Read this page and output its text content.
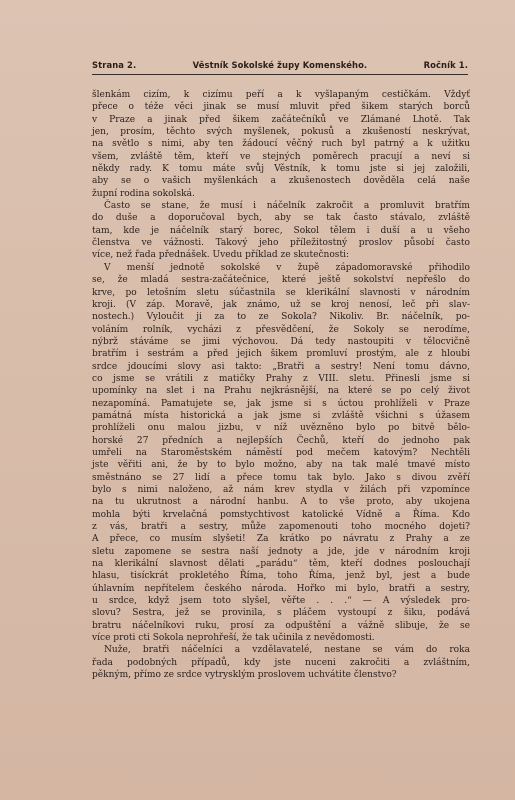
Strana 2.	Věstník Sokolské župy Komenského.	Ročník 1.

šlenkám cizím, k cizímu peří a k vyšlapaným cestičkám. Vždyť
přece o téže věci jinak se musí mluvit před šikem starých borců
v Praze a jinak před šikem začátečníků ve Zlámané Lhotě. Tak
jen, prosím, těchto svých myšlenek, pokusů a zkušeností neskrývat,
na světlo s nimi, aby ten žádoucí věčný ruch byl patrný a k užitku
všem, zvláště těm, kteří ve stejných poměrech pracují a neví si
někdy rady. K tomu máte svůj Věstník, k tomu jste si jej založili,
aby se o vašich myšlenkách a zkušenostech dověděla celá naše
župní rodina sokolská.

Často se stane, že musí i náčelník zakročit a promluvit bratřím
do duše a doporučoval bych, aby se tak často stávalo, zvláště
tam, kde je náčelník starý borec, Sokol tělem i duší a u všeho
členstva ve vážnosti. Takový jeho příležitostný proslov působí často
více, než řada přednášek. Uvedu příklad ze skutečnosti:

V menší jednotě sokolské v župě západomoravské přihodilo
se, že mladá sestra-začátečnice, které ještě sokolství nepřešlo do
krve, po letošním sletu súčastnila se klerikální slavnosti v národním
kroji. (V záp. Moravě, jak známo, už se kroj nenosí, leč při slav-
nostech.) Vyloučit ji za to ze Sokola? Nikoliv. Br. náčelník, po-
voláním rolník, vycházi z přesvědčení, že Sokoly se nerodíme,
nýbrž stáváme se jimi výchovou. Dá tedy nastoupiti v tělocvičně
bratřím i sestrám a před jejich šikem promluví prostým, ale z hloubi
srdce jdoucími slovy asi takto: „Bratři a sestry! Není tomu dávno,
co jsme se vrátili z matičky Prahy z VIII. sletu. Přinesli jsme si
upomínky na slet i na Prahu nejkrásnější, na které se po celý život
nezapomíná. Pamatujete se, jak jsme si s úctou prohlíželi v Praze
památná místa historická a jak jsme si zvláště všichni s úžasem
prohlíželi onu malou jizbu, v níž uvězněno bylo po bitvě bělo-
horské 27 předních a nejlepších Čechů, kteří do jednoho pak
umřeli na Staroměstském náměstí pod mečem katovým? Nechtěli
jste věřiti ani, že by to bylo možno, aby na tak malé tmavé místo
směstnáno se 27 lidí a přece tomu tak bylo. Jako s divou zvěří
bylo s nimi naloženo, až nám krev stydla v žilách při vzpomínce
na tu ukrutnost a národní hanbu. A to vše proto, aby ukojena
mohla býti krvelačná pomstychtivost katolické Vídně a Říma. Kdo
z vás, bratři a sestry, může zapomenouti toho mocného dojeti?
A přece, co musím slyšeti! Za krátko po návratu z Prahy a ze
sletu zapomene se sestra naší jednoty a jde, jde v národním kroji
na klerikální slavnost dělati „parádu“ těm, kteří dodnes poslouchají
hlasu, tisíckrát prokletého Říma, toho Říma, jenž byl, jest a bude
úhlavním nepřítelem českého národa. Hořko mi bylo, bratři a sestry,
u srdce, když jsem toto slyšel, věřte . . .“ — A výsledek pro-
slovu? Sestra, jež se provinila, s pláčem vystoupí z šiku, podává
bratru náčelníkovi ruku, prosí za odpuštění a vážně slibuje, že se
více proti cti Sokola neprohřeší, že tak učinila z nevědomosti.

Nuže, bratři náčelníci a vzdělavatelé, nestane se vám do roka
řada podobných případů, kdy jste nuceni zakročiti a zvláštním,
pěkným, přímo ze srdce vytrysklým proslovem uchvátite členstvo?
